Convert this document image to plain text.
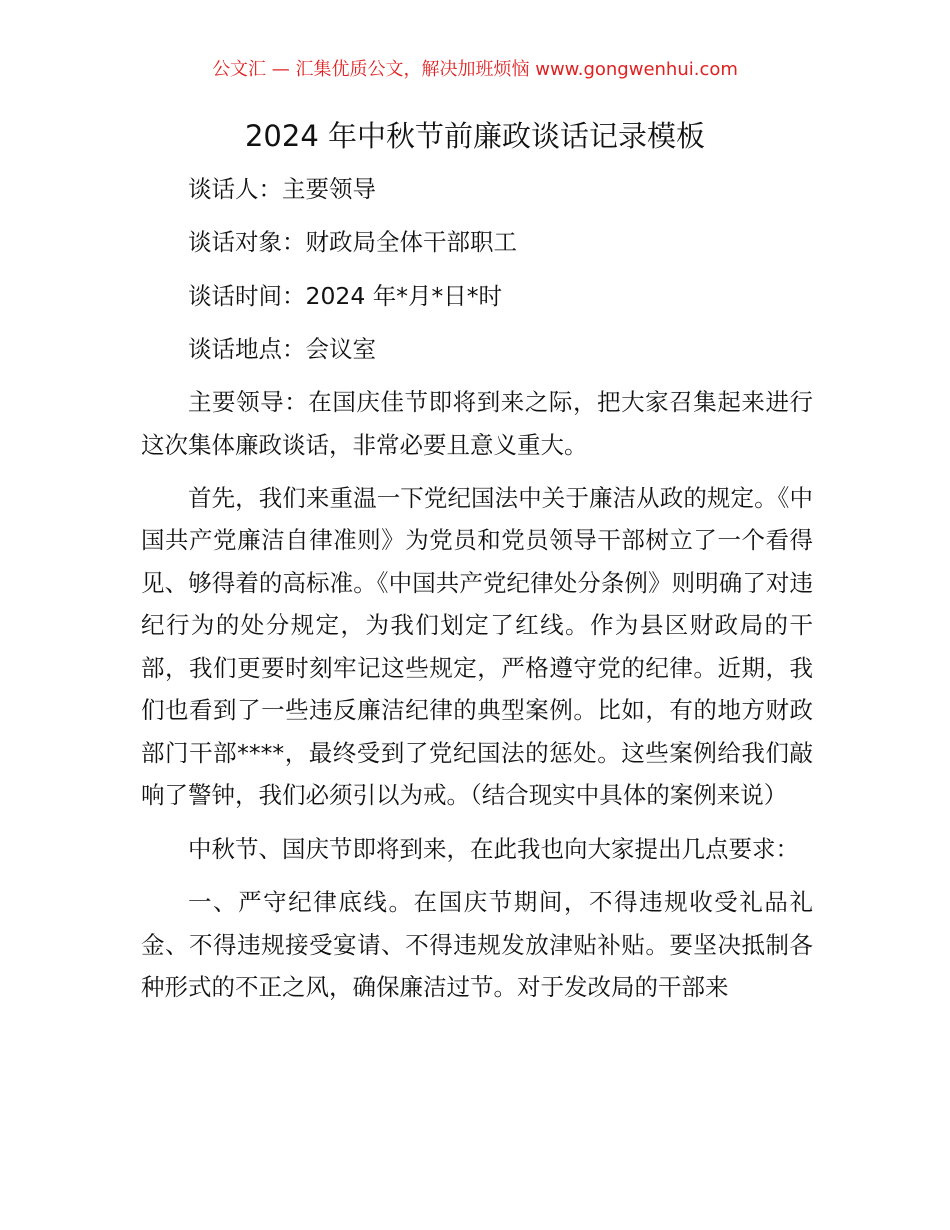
公文汇 — 汇集优质公文，解决加班烦恼 www.gongwenhui.com
2024 年中秋节前廉政谈话记录模板

谈话人：主要领导

谈话对象：财政局全体干部职工

谈话时间：2024 年*月*日*时

谈话地点：会议室

主要领导：在国庆佳节即将到来之际，把大家召集起来进行这次集体廉政谈话，非常必要且意义重大。

首先，我们来重温一下党纪国法中关于廉洁从政的规定。《中国共产党廉洁自律准则》为党员和党员领导干部树立了一个看得见、够得着的高标准。《中国共产党纪律处分条例》则明确了对违纪行为的处分规定，为我们划定了红线。作为县区财政局的干部，我们更要时刻牢记这些规定，严格遵守党的纪律。近期，我们也看到了一些违反廉洁纪律的典型案例。比如，有的地方财政部门干部****，最终受到了党纪国法的惩处。这些案例给我们敲响了警钟，我们必须引以为戒。（结合现实中具体的案例来说）

中秋节、国庆节即将到来，在此我也向大家提出几点要求：

一、严守纪律底线。在国庆节期间，不得违规收受礼品礼金、不得违规接受宴请、不得违规发放津贴补贴。要坚决抵制各种形式的不正之风，确保廉洁过节。对于发改局的干部来
